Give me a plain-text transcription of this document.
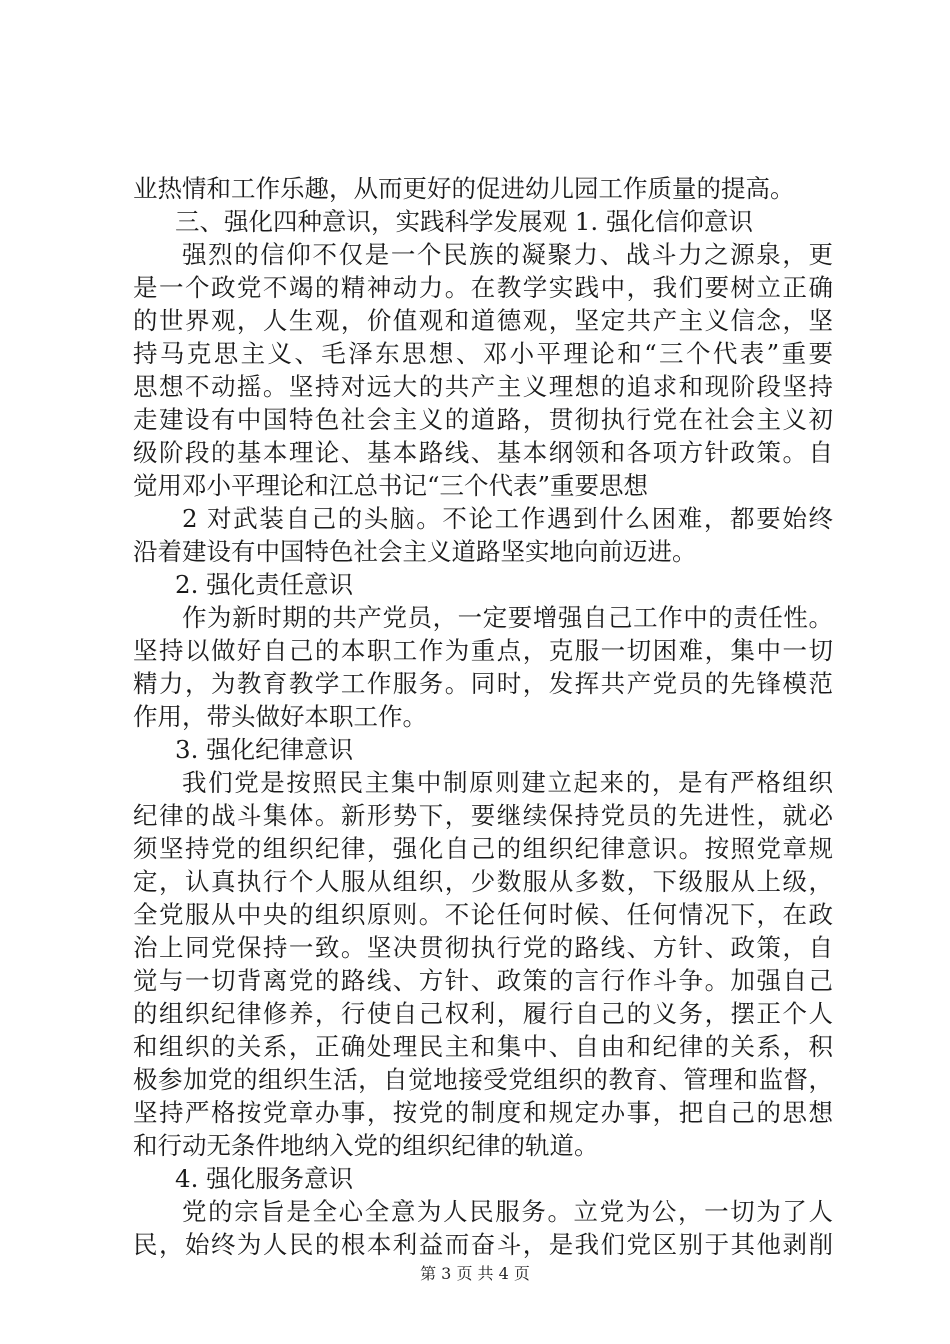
业热情和工作乐趣，从而更好的促进幼儿园工作质量的提高。
三、强化四种意识，实践科学发展观 1. 强化信仰意识
强烈的信仰不仅是一个民族的凝聚力、战斗力之源泉，更
是一个政党不竭的精神动力。在教学实践中，我们要树立正确
的世界观，人生观，价值观和道德观，坚定共产主义信念，坚
持马克思主义、毛泽东思想、邓小平理论和“三个代表”重要
思想不动摇。坚持对远大的共产主义理想的追求和现阶段坚持
走建设有中国特色社会主义的道路，贯彻执行党在社会主义初
级阶段的基本理论、基本路线、基本纲领和各项方针政策。自
觉用邓小平理论和江总书记“三个代表”重要思想
2 对武装自己的头脑。不论工作遇到什么困难，都要始终
沿着建设有中国特色社会主义道路坚实地向前迈进。
2. 强化责任意识
作为新时期的共产党员，一定要增强自己工作中的责任性。
坚持以做好自己的本职工作为重点，克服一切困难，集中一切
精力，为教育教学工作服务。同时，发挥共产党员的先锋模范
作用，带头做好本职工作。
3. 强化纪律意识
我们党是按照民主集中制原则建立起来的，是有严格组织
纪律的战斗集体。新形势下，要继续保持党员的先进性，就必
须坚持党的组织纪律，强化自己的组织纪律意识。按照党章规
定，认真执行个人服从组织，少数服从多数，下级服从上级，
全党服从中央的组织原则。不论任何时候、任何情况下，在政
治上同党保持一致。坚决贯彻执行党的路线、方针、政策，自
觉与一切背离党的路线、方针、政策的言行作斗争。加强自己
的组织纪律修养，行使自己权利，履行自己的义务，摆正个人
和组织的关系，正确处理民主和集中、自由和纪律的关系，积
极参加党的组织生活，自觉地接受党组织的教育、管理和监督，
坚持严格按党章办事，按党的制度和规定办事，把自己的思想
和行动无条件地纳入党的组织纪律的轨道。
4. 强化服务意识
党的宗旨是全心全意为人民服务。立党为公，一切为了人
民，始终为人民的根本利益而奋斗，是我们党区别于其他剥削
第 3 页 共 4 页
